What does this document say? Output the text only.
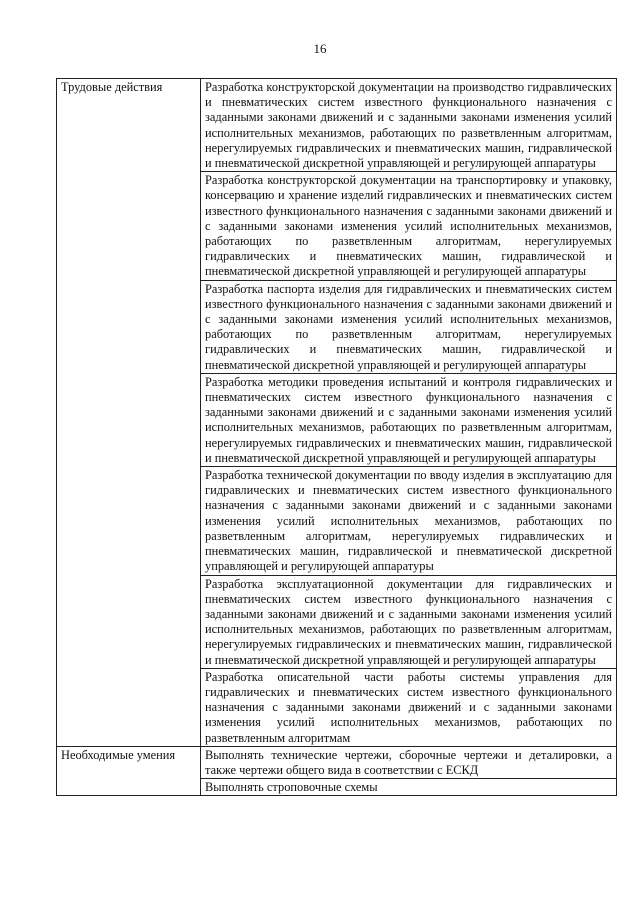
16
Трудовые действия	Разработка конструкторской документации на производство гидравлических и пневматических систем известного функционального назначения с заданными законами движений и с заданными законами изменения усилий исполнительных механизмов, работающих по разветвленным алгоритмам, нерегулируемых гидравлических и пневматических машин, гидравлической и пневматической дискретной управляющей и регулирующей аппаратуры
	Разработка конструкторской документации на транспортировку и упаковку, консервацию и хранение изделий гидравлических и пневматических систем известного функционального назначения с заданными законами движений и с заданными законами изменения усилий исполнительных механизмов, работающих по разветвленным алгоритмам, нерегулируемых гидравлических и пневматических машин, гидравлической и пневматической дискретной управляющей и регулирующей аппаратуры
	Разработка паспорта изделия для гидравлических и пневматических систем известного функционального назначения с заданными законами движений и с заданными законами изменения усилий исполнительных механизмов, работающих по разветвленным алгоритмам, нерегулируемых гидравлических и пневматических машин, гидравлической и пневматической дискретной управляющей и регулирующей аппаратуры
	Разработка методики проведения испытаний и контроля гидравлических и пневматических систем известного функционального назначения с заданными законами движений и с заданными законами изменения усилий исполнительных механизмов, работающих по разветвленным алгоритмам, нерегулируемых гидравлических и пневматических машин, гидравлической и пневматической дискретной управляющей и регулирующей аппаратуры
	Разработка технической документации по вводу изделия в эксплуатацию для гидравлических и пневматических систем известного функционального назначения с заданными законами движений и с заданными законами изменения усилий исполнительных механизмов, работающих по разветвленным алгоритмам, нерегулируемых гидравлических и пневматических машин, гидравлической и пневматической дискретной управляющей и регулирующей аппаратуры
	Разработка эксплуатационной документации для гидравлических и пневматических систем известного функционального назначения с заданными законами движений и с заданными законами изменения усилий исполнительных механизмов, работающих по разветвленным алгоритмам, нерегулируемых гидравлических и пневматических машин, гидравлической и пневматической дискретной управляющей и регулирующей аппаратуры
	Разработка описательной части работы системы управления для гидравлических и пневматических систем известного функционального назначения с заданными законами движений и с заданными законами изменения усилий исполнительных механизмов, работающих по разветвленным алгоритмам
Необходимые умения	Выполнять технические чертежи, сборочные чертежи и деталировки, а также чертежи общего вида в соответствии с ЕСКД
	Выполнять строповочные схемы
